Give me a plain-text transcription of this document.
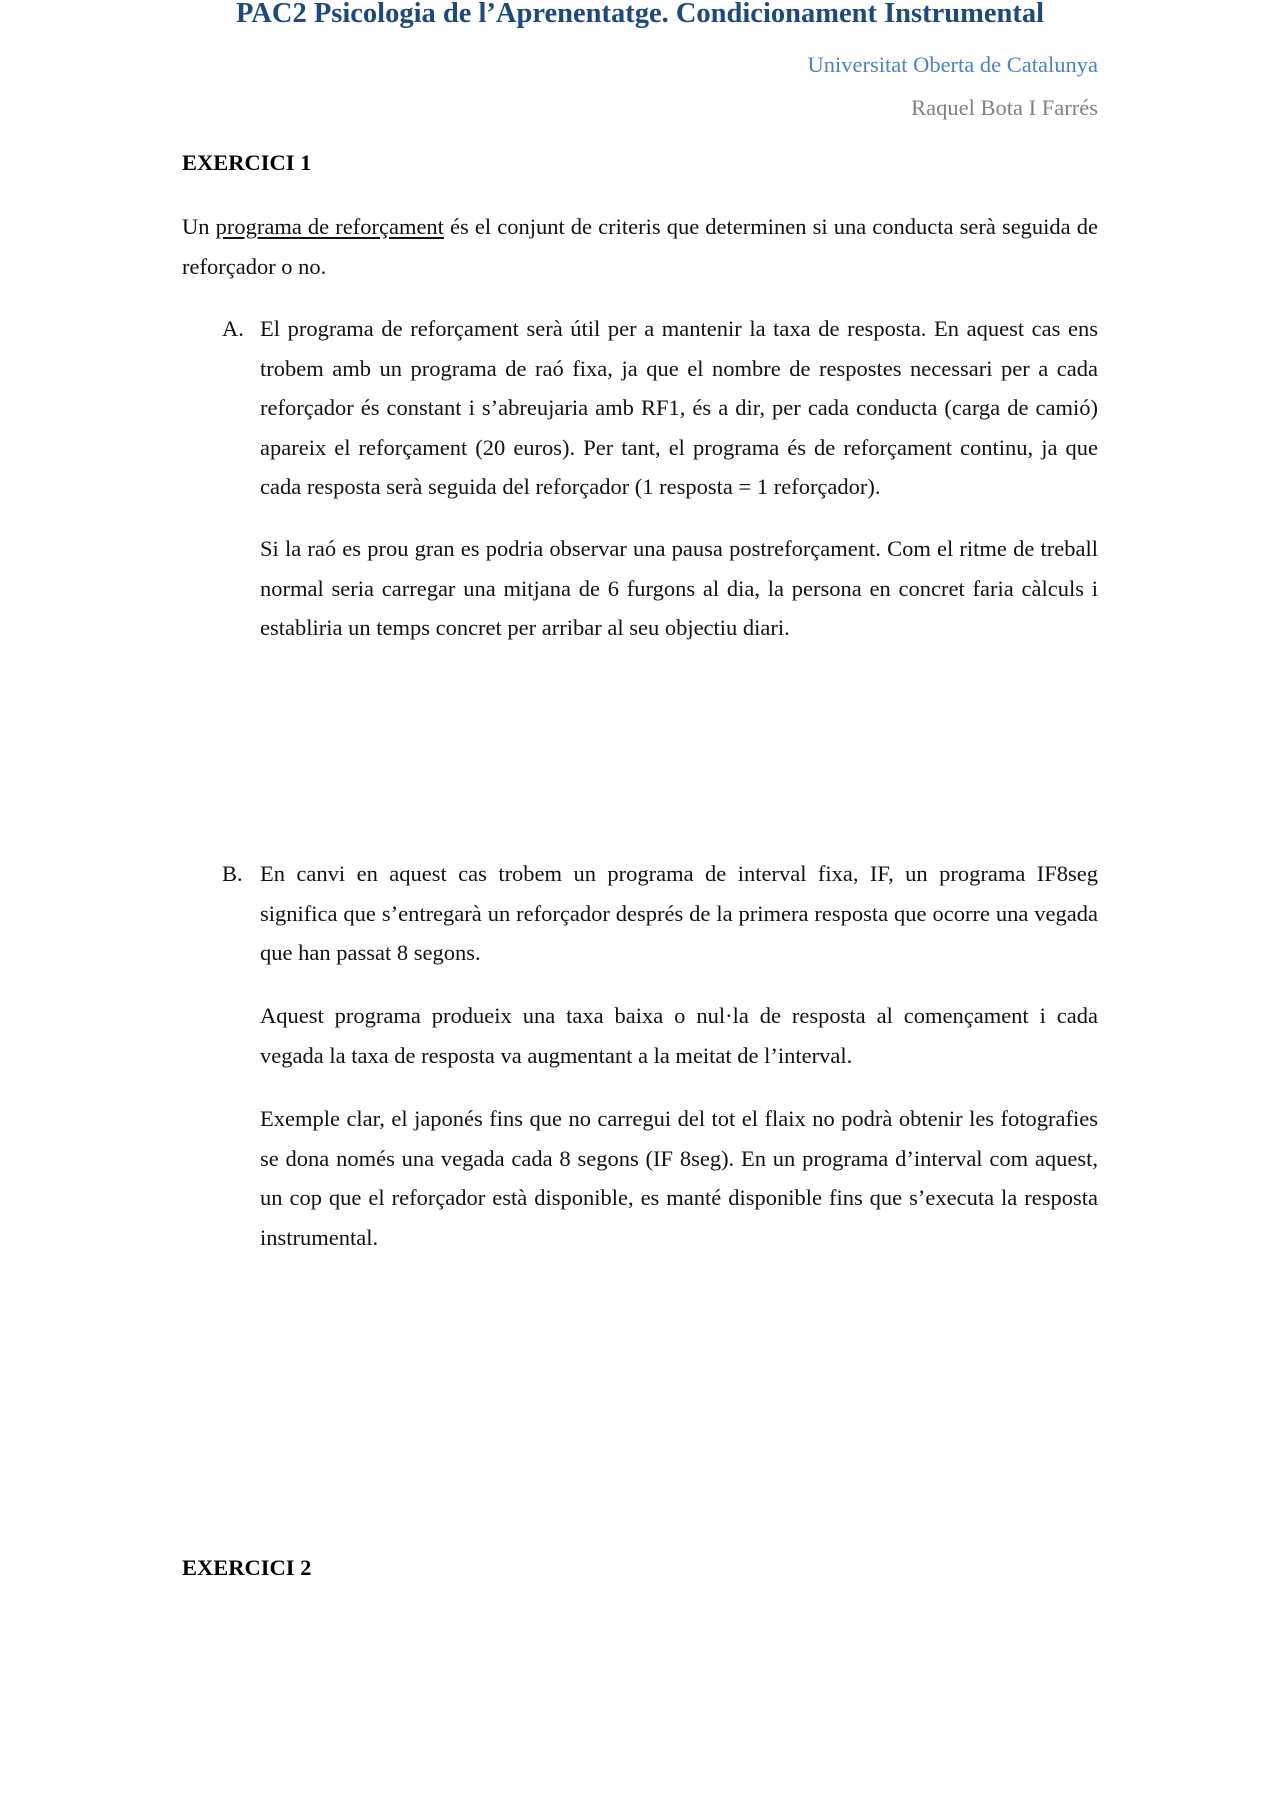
PAC2 Psicologia de l’Aprenentatge. Condicionament Instrumental
Universitat Oberta de Catalunya
Raquel Bota I Farrés
EXERCICI 1
Un programa de reforçament és el conjunt de criteris que determinen si una conducta serà seguida de reforçador o no.
A. El programa de reforçament serà útil per a mantenir la taxa de resposta. En aquest cas ens trobem amb un programa de raó fixa, ja que el nombre de respostes necessari per a cada reforçador és constant i s’abreujaria amb RF1, és a dir, per cada conducta (carga de camió) apareix el reforçament (20 euros). Per tant, el programa és de reforçament continu, ja que cada resposta serà seguida del reforçador (1 resposta = 1 reforçador).
Si la raó es prou gran es podria observar una pausa postreforçament. Com el ritme de treball normal seria carregar una mitjana de 6 furgons al dia, la persona en concret faria càlculs i establiria un temps concret per arribar al seu objectiu diari.
B. En canvi en aquest cas trobem un programa de interval fixa, IF, un programa IF8seg significa que s’entregarà un reforçador després de la primera resposta que ocorre una vegada que han passat 8 segons.
Aquest programa produeix una taxa baixa o nul·la de resposta al començament i cada vegada la taxa de resposta va augmentant a la meitat de l’interval.
Exemple clar, el japonés fins que no carregui del tot el flaix no podrà obtenir les fotografies se dona només una vegada cada 8 segons (IF 8seg). En un programa d’interval com aquest, un cop que el reforçador està disponible, es manté disponible fins que s’executa la resposta instrumental.
EXERCICI 2
